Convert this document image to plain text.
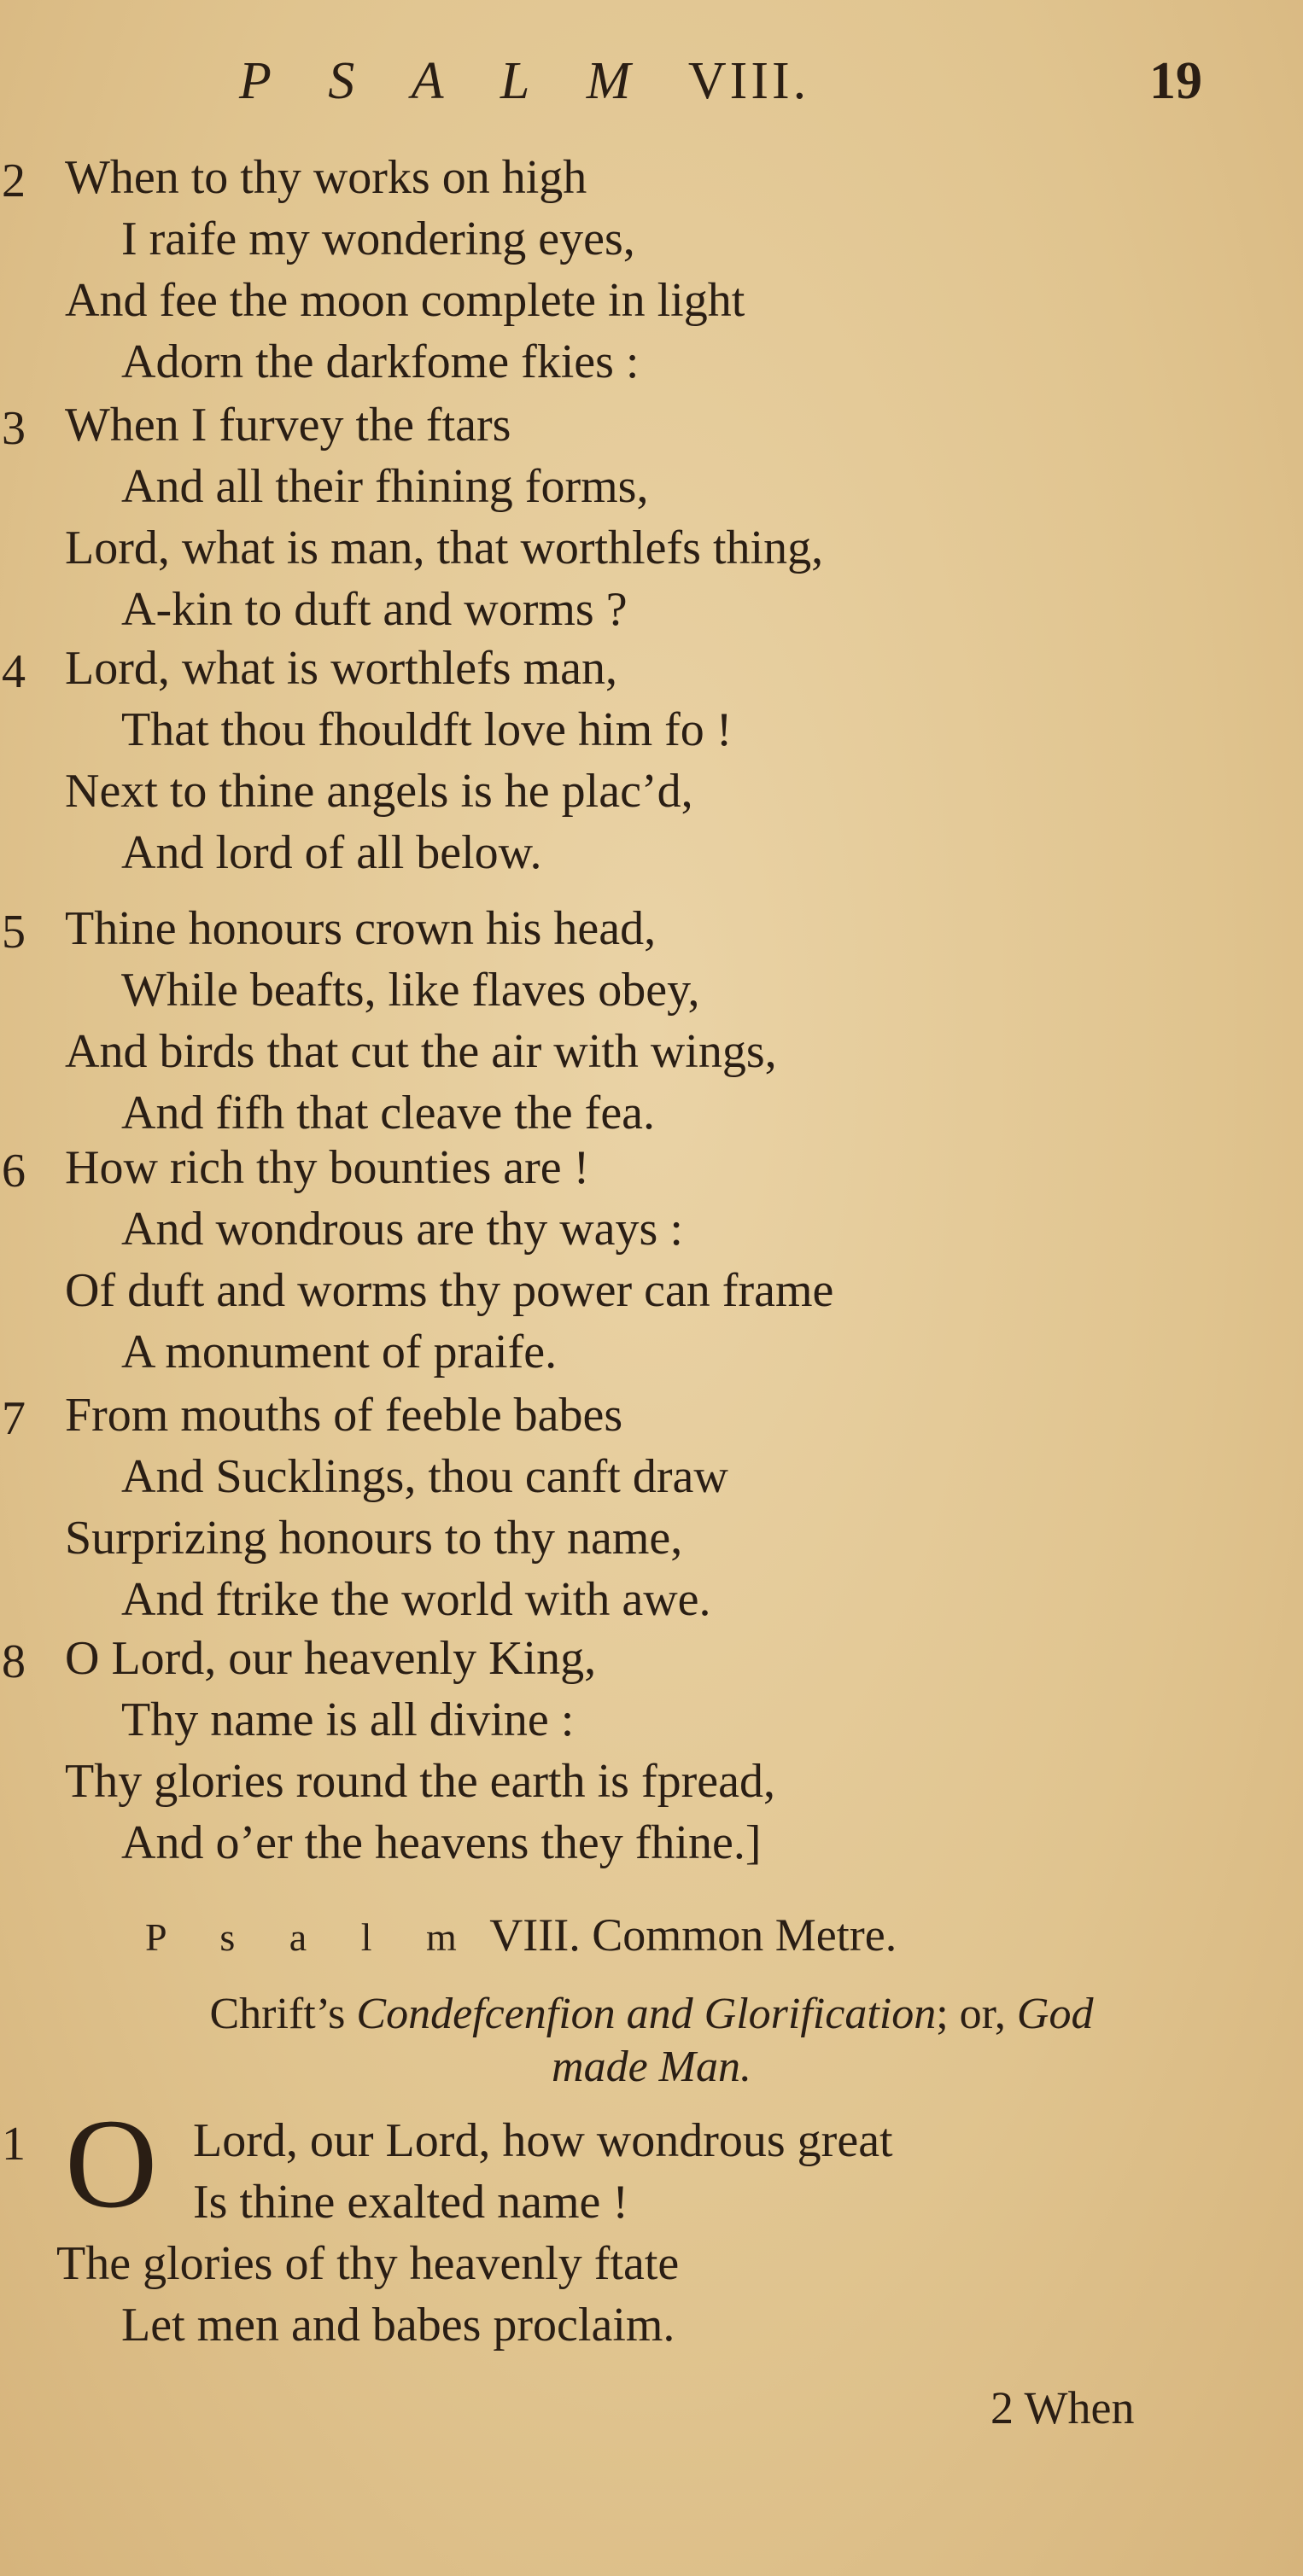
P S A L M VIII.	19
2 When to thy works on high
I raife my wondering eyes,
And fee the moon complete in light
Adorn the darkfome fkies :
3 When I furvey the ftars
And all their fhining forms,
Lord, what is man, that worthlefs thing,
A-kin to duft and worms ?
4 Lord, what is worthlefs man,
That thou fhouldft love him fo !
Next to thine angels is he plac’d,
And lord of all below.
5 Thine honours crown his head,
While beafts, like flaves obey,
And birds that cut the air with wings,
And fifh that cleave the fea.
6 How rich thy bounties are !
And wondrous are thy ways :
Of duft and worms thy power can frame
A monument of praife.
7 From mouths of feeble babes
And Sucklings, thou canft draw
Surprizing honours to thy name,
And ftrike the world with awe.
8 O Lord, our heavenly King,
Thy name is all divine :
Thy glories round the earth is fpread,
And o’er the heavens they fhine.]
P s a l m VIII. Common Metre.
Chrift’s Condefcenfion and Glorification; or, God
made Man.
1 O Lord, our Lord, how wondrous great
Is thine exalted name !
The glories of thy heavenly ftate
Let men and babes proclaim.
2 When
